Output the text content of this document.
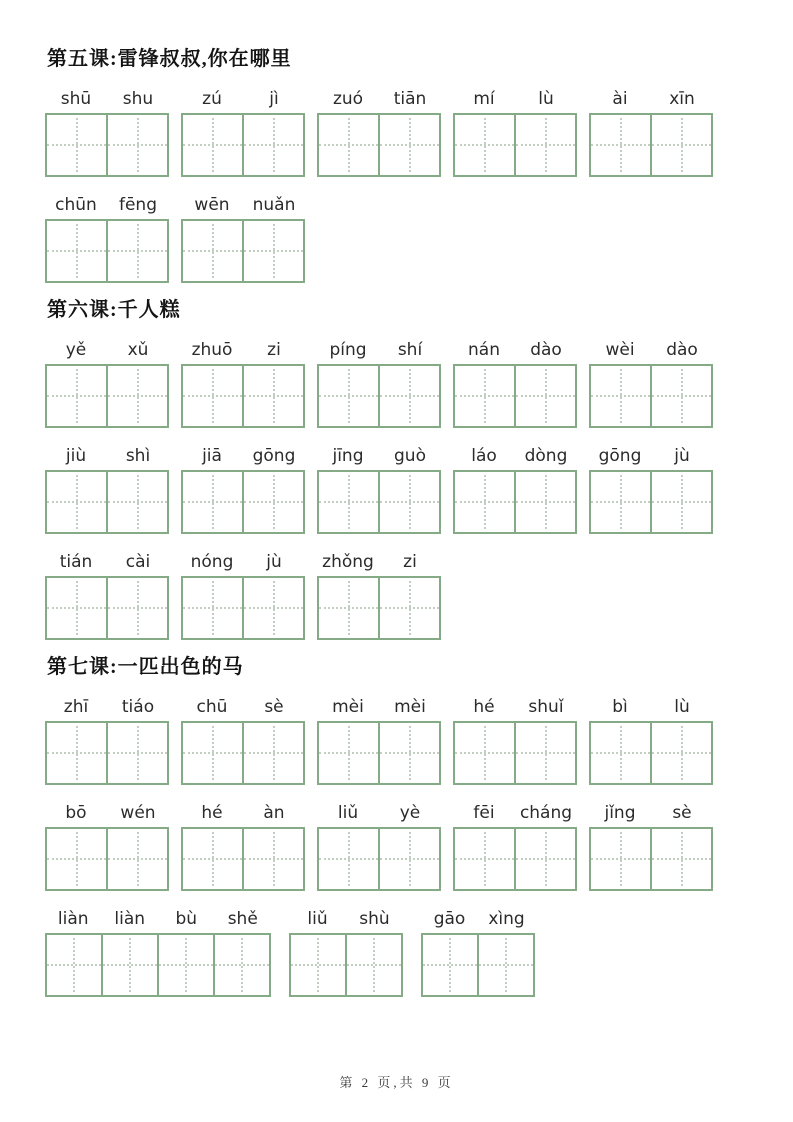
第五课:雷锋叔叔,你在哪里
shū	shu	zú	jì	zuó	tiān	mí	lù	ài	xīn
chūn	fēng	wēn	nuǎn
第六课:千人糕
yě	xǔ	zhuō	zi	píng	shí	nán	dào	wèi	dào
jiù	shì	jiā	gōng	jīng	guò	láo	dòng	gōng	jù
tián	cài	nóng	jù	zhǒng	zi
第七课:一匹出色的马
zhī	tiáo	chū	sè	mèi	mèi	hé	shuǐ	bì	lù
bō	wén	hé	àn	liǔ	yè	fēi	cháng	jǐng	sè
liàn	liàn	bù	shě	liǔ	shù	gāo	xìng
第 2 页,共 9 页
